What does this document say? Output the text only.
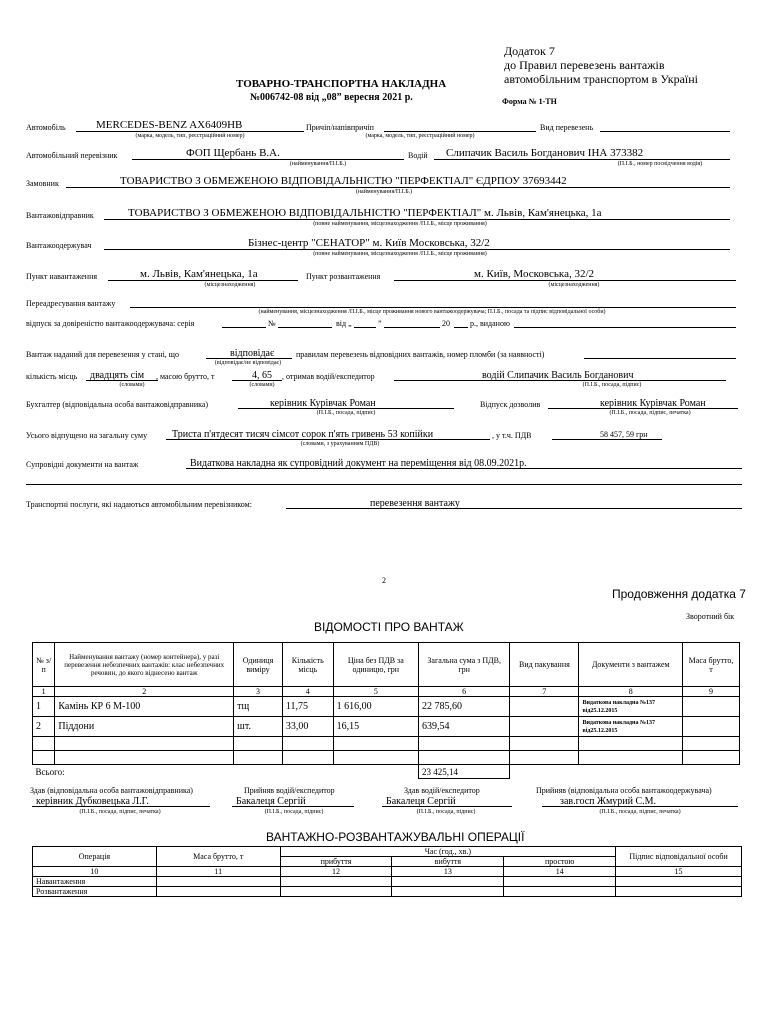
Додаток 7
до Правил перевезень вантажів
автомобільним транспортом в Україні
Форма № 1-ТН
ТОВАРНО-ТРАНСПОРТНА НАКЛАДНА
№006742-08 від „08” вересня 2021 р.
Автомобіль	MERCEDES-BENZ AX6409HB
(марка, модель, тип, реєстраційний номер)
Причіп/напівпричіп
(марка, модель, тип, реєстраційний номер)
Вид перевезень
Автомобільний перевізник	ФОП Щербань В.А.
(найменування/П.І.Б.)
Водій Слипачик Василь Богданович ІНА 373382
(П.І.Б., номер посвідчення водія)
Замовник	ТОВАРИСТВО З ОБМЕЖЕНОЮ ВІДПОВІДАЛЬНІСТЮ "ПЕРФЕКТІАЛ" ЄДРПОУ 37693442
(найменування/П.І.Б.)
Вантажовідправник	ТОВАРИСТВО З ОБМЕЖЕНОЮ ВІДПОВІДАЛЬНІСТЮ "ПЕРФЕКТІАЛ" м. Львів, Кам'янецька, 1а
(повне найменування, місцезнаходження /П.І.Б., місце проживання)
Вантажоодержувач	Бізнес-центр "СЕНАТОР" м. Київ Московська, 32/2
(повне найменування, місцезнаходження /П.І.Б., місце проживання)
Пункт навантаження	м. Львів, Кам'янецька, 1а
(місцезнаходження)
Пункт розвантаження	м. Київ, Московська, 32/2
(місцезнаходження)
Переадресування вантажу
(найменування, місцезнаходження /П.І.Б., місце проживання нового вантажоодержувача; П.І.Б., посада та підпис відповідальної особи)
відпуск за довіреністю вантажоодержувача: серія	№	від „	”	20	р., виданою
Вантаж наданий для перевезення у стані, що	відповідає
(відповідає/не відповідає)
правилам перевезень відповідних вантажів, номер пломби (за наявності)
кількість місць двадцять сім
(словами)
, масою брутто, т	4, 65
(словами)
, отримав водій/експедитор	водій Слипачик Василь Богданович
(П.І.Б., посада, підпис)
Бухгалтер (відповідальна особа вантажовідправника)	керівник Курівчак Роман
(П.І.Б., посада, підпис)
Відпуск дозволив	керівник Курівчак Роман
(П.І.Б., посада, підпис, печатка)
Усього відпущено на загальну суму Триста п'ятдесят тисяч сімсот сорок п'ять гривень 53 копійки
(словами, з урахуванням ПДВ)
, у т.ч. ПДВ	58 457, 59 грн
Супровідні документи на вантаж	Видаткова накладна як супровідний документ на переміщення від 08.09.2021р.
Транспортні послуги, які надаються автомобільним перевізником:	перевезення вантажу
2
Продовження додатка 7
Зворотний бік
ВІДОМОСТІ ПРО ВАНТАЖ
№ з/п	Найменування вантажу (номер контейнера), у разі перевезення небезпечних вантажів: клас небезпечних речовин, до якого віднесено вантаж	Одиниця виміру	Кількість місць	Ціна без ПДВ за одиницю, грн	Загальна сума з ПДВ, грн	Вид пакування	Документи з вантажем	Маса брутто, т
1	2	3	4	5	6	7	8	9
1	Камінь КР 6 М-100	тщ	11,75	1 616,00	22 785,60		Видаткова накладна №137 від25.12.2015	
2	Піддони	шт.	33,00	16,15	639,54		Видаткова накладна №137 від25.12.2015	

Всього:					23 425,14			
Здав (відповідальна особа вантажовідправника)
керівник Дубковецька Л.Г.
(П.І.Б., посада, підпис, печатка)
Прийняв водій/експедитор
Бакалеця Сергій
(П.І.Б., посада, підпис)
Здав водій/експедитор
Бакалеця Сергій
(П.І.Б., посада, підпис)
Прийняв (відповідальна особа вантажоодержувача)
зав.госп Жмурий С.М.
(П.І.Б., посада, підпис, печатка)
ВАНТАЖНО-РОЗВАНТАЖУВАЛЬНІ ОПЕРАЦІЇ
Операція	Маса брутто, т	Час (год., хв.)			Підпис відповідальної особи
		прибуття	вибуття	простою	
10	11	12	13	14	15
Навантаження					
Розвантаження					
